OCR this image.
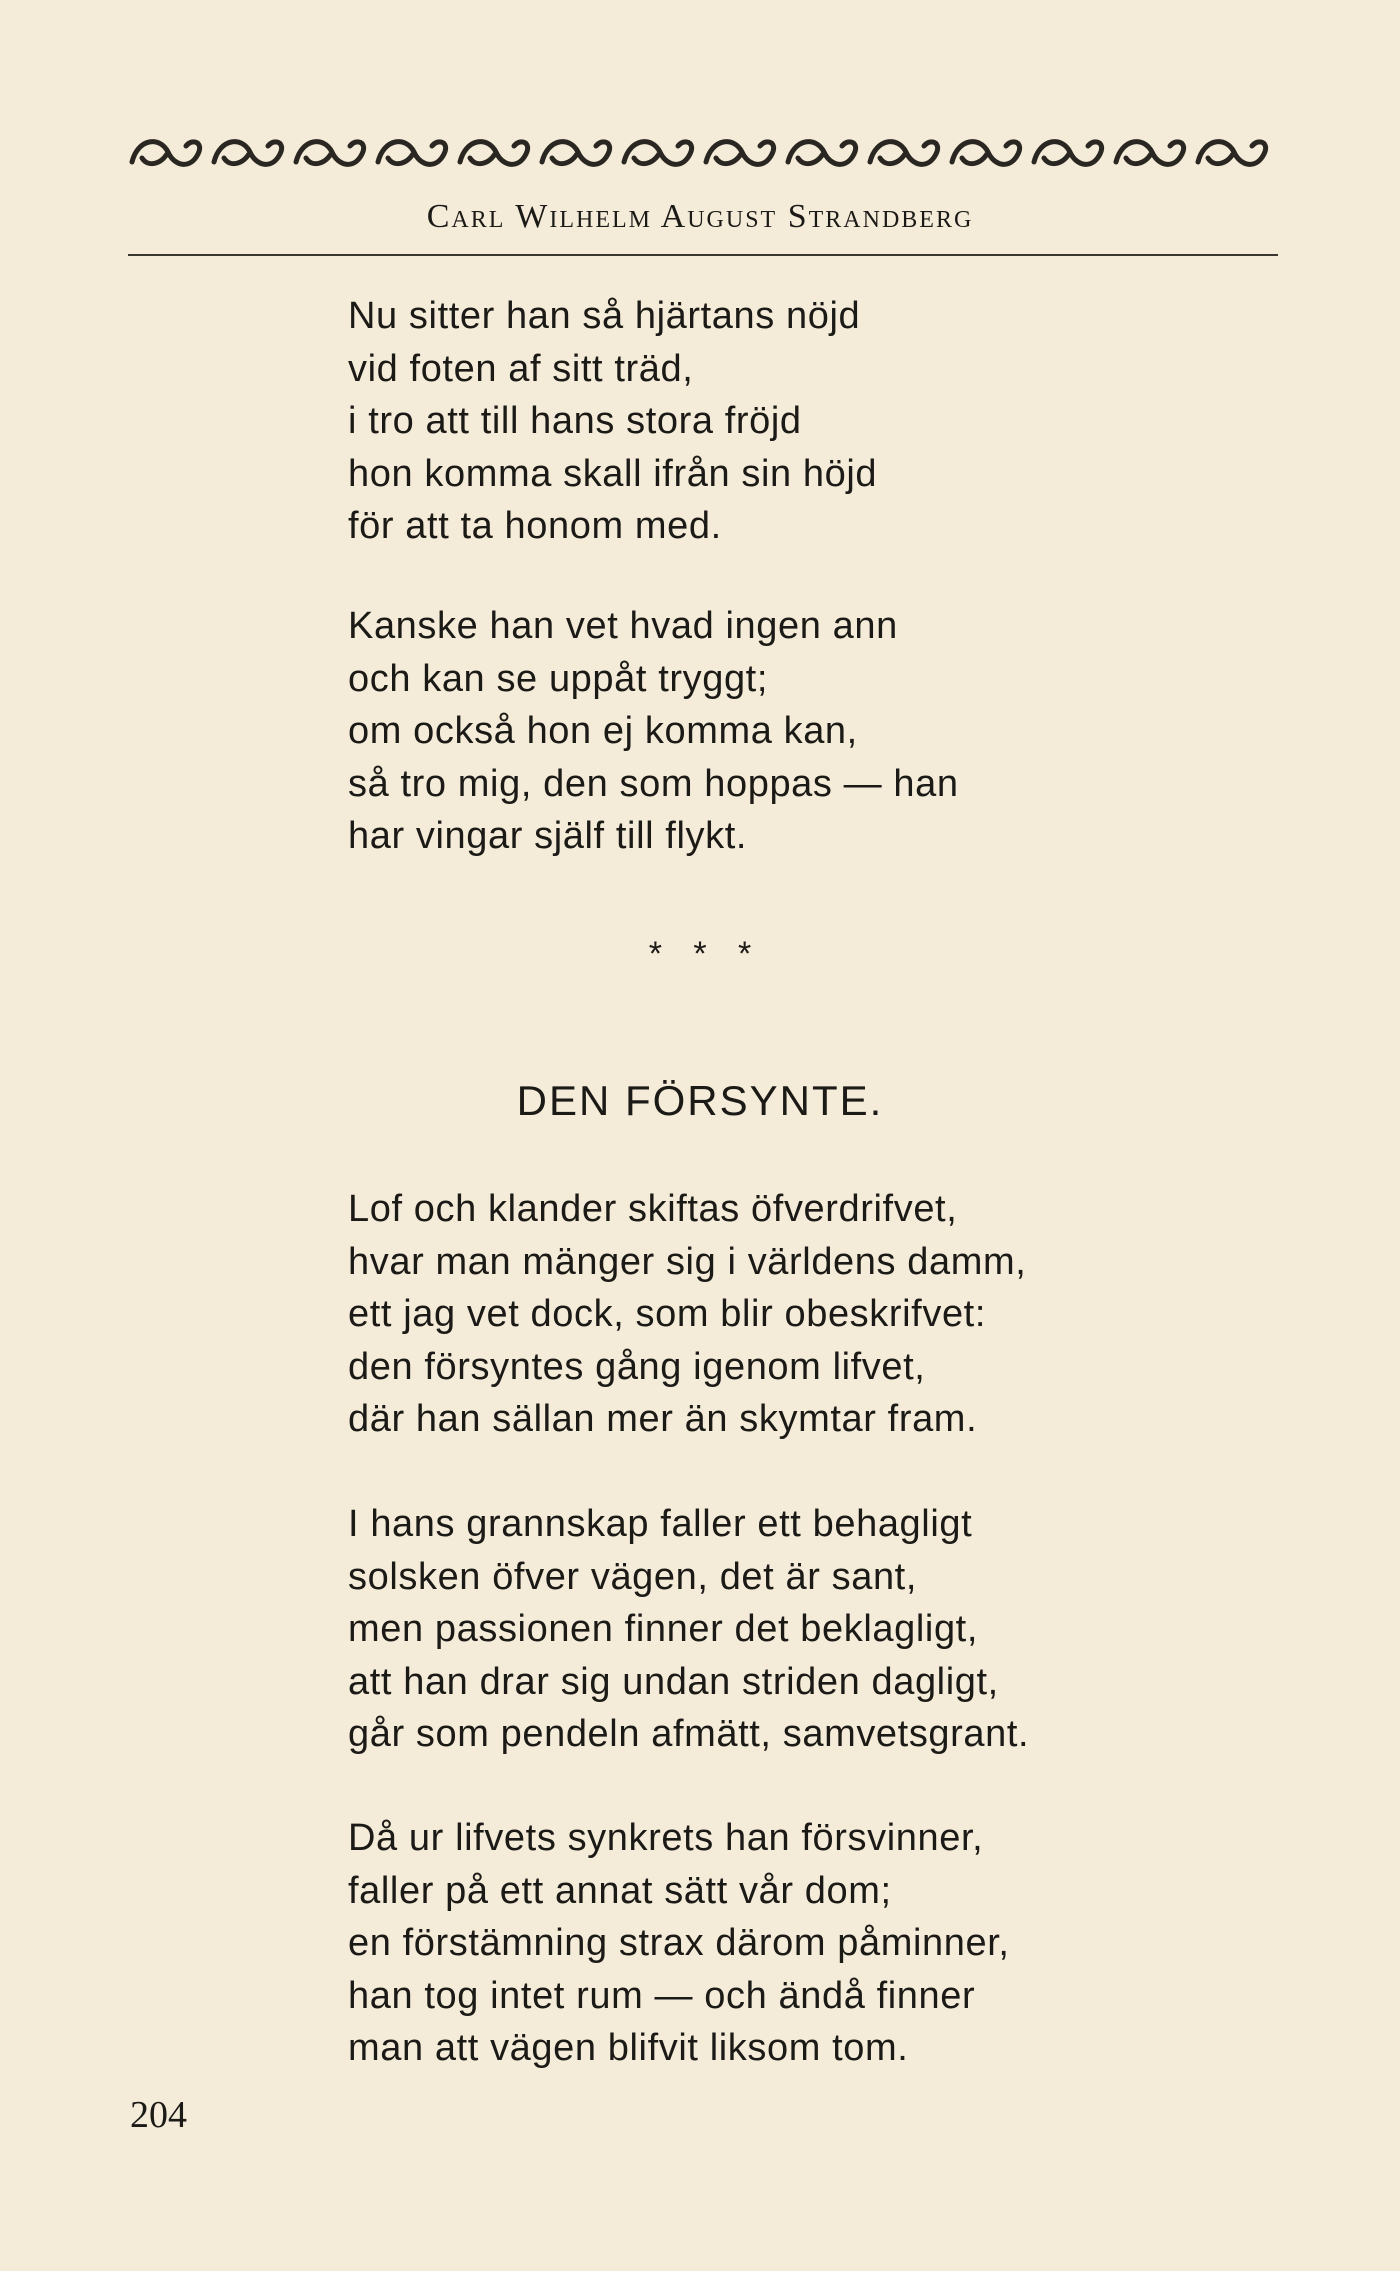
Carl Wilhelm August Strandberg
Nu sitter han så hjärtans nöjd
vid foten af sitt träd,
i tro att till hans stora fröjd
hon komma skall ifrån sin höjd
för att ta honom med.
Kanske han vet hvad ingen ann
och kan se uppåt tryggt;
om också hon ej komma kan,
så tro mig, den som hoppas — han
har vingar själf till flykt.
* * *
DEN FÖRSYNTE.
Lof och klander skiftas öfverdrifvet,
hvar man mänger sig i världens damm,
ett jag vet dock, som blir obeskrifvet:
den försyntes gång igenom lifvet,
där han sällan mer än skymtar fram.
I hans grannskap faller ett behagligt
solsken öfver vägen, det är sant,
men passionen finner det beklagligt,
att han drar sig undan striden dagligt,
går som pendeln afmätt, samvetsgrant.
Då ur lifvets synkrets han försvinner,
faller på ett annat sätt vår dom;
en förstämning strax därom påminner,
han tog intet rum — och ändå finner
man att vägen blifvit liksom tom.
204
